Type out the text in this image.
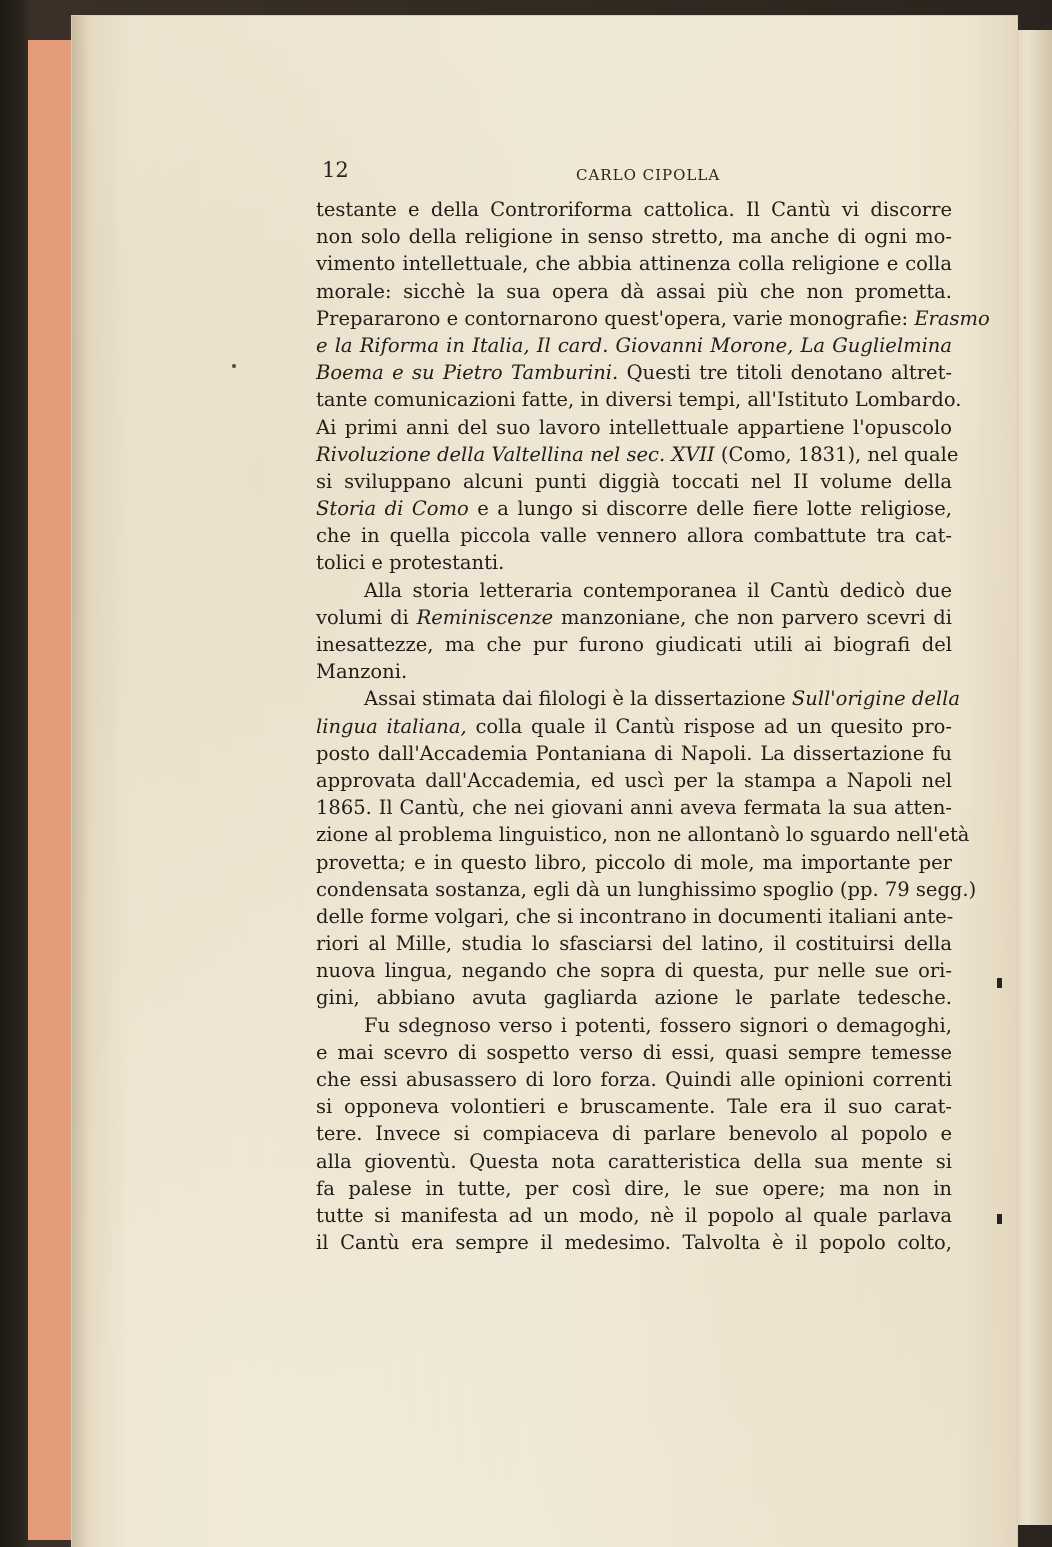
12	CARLO CIPOLLA
testante e della Controriforma cattolica. Il Cantù vi discorre
non solo della religione in senso stretto, ma anche di ogni mo-
vimento intellettuale, che abbia attinenza colla religione e colla
morale: sicchè la sua opera dà assai più che non prometta.
Prepararono e contornarono quest'opera, varie monografie: Erasmo
e la Riforma in Italia, Il card. Giovanni Morone, La Guglielmina
Boema e su Pietro Tamburini. Questi tre titoli denotano altret-
tante comunicazioni fatte, in diversi tempi, all'Istituto Lombardo.
Ai primi anni del suo lavoro intellettuale appartiene l'opuscolo
Rivoluzione della Valtellina nel sec. XVII (Como, 1831), nel quale
si sviluppano alcuni punti diggià toccati nel II volume della
Storia di Como e a lungo si discorre delle fiere lotte religiose,
che in quella piccola valle vennero allora combattute tra cat-
tolici e protestanti.
Alla storia letteraria contemporanea il Cantù dedicò due
volumi di Reminiscenze manzoniane, che non parvero scevri di
inesattezze, ma che pur furono giudicati utili ai biografi del
Manzoni.
Assai stimata dai filologi è la dissertazione Sull'origine della
lingua italiana, colla quale il Cantù rispose ad un quesito pro-
posto dall'Accademia Pontaniana di Napoli. La dissertazione fu
approvata dall'Accademia, ed uscì per la stampa a Napoli nel
1865. Il Cantù, che nei giovani anni aveva fermata la sua atten-
zione al problema linguistico, non ne allontanò lo sguardo nell'età
provetta; e in questo libro, piccolo di mole, ma importante per
condensata sostanza, egli dà un lunghissimo spoglio (pp. 79 segg.)
delle forme volgari, che si incontrano in documenti italiani ante-
riori al Mille, studia lo sfasciarsi del latino, il costituirsi della
nuova lingua, negando che sopra di questa, pur nelle sue ori-
gini, abbiano avuta gagliarda azione le parlate tedesche.
Fu sdegnoso verso i potenti, fossero signori o demagoghi,
e mai scevro di sospetto verso di essi, quasi sempre temesse
che essi abusassero di loro forza. Quindi alle opinioni correnti
si opponeva volontieri e bruscamente. Tale era il suo carat-
tere. Invece si compiaceva di parlare benevolo al popolo e
alla gioventù. Questa nota caratteristica della sua mente si
fa palese in tutte, per così dire, le sue opere; ma non in
tutte si manifesta ad un modo, nè il popolo al quale parlava
il Cantù era sempre il medesimo. Talvolta è il popolo colto,
